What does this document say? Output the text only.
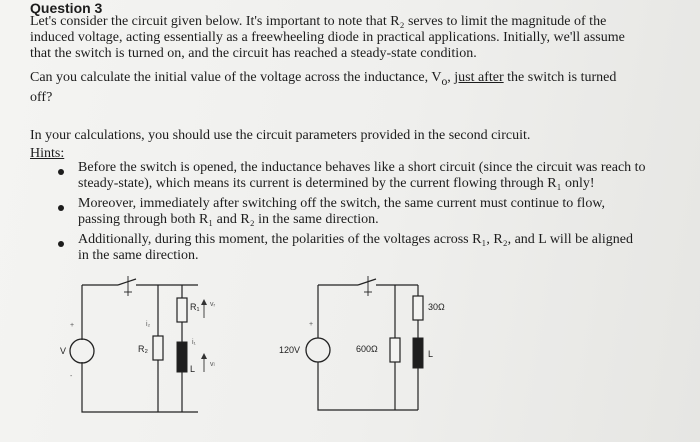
Question 3
Let's consider the circuit given below. It's important to note that R₂ serves to limit the magnitude of the
induced voltage, acting essentially as a freewheeling diode in practical applications. Initially, we'll assume
that the switch is turned on, and the circuit has reached a steady-state condition.
Can you calculate the initial value of the voltage across the inductance, $V_o$, just after the switch is turned
off?
In your calculations, you should use the circuit parameters provided in the second circuit.
Hints:
Before the switch is opened, the inductance behaves like a short circuit (since the circuit was reach to
steady-state), which means its current is determined by the current flowing through R₁ only!
Moreover, immediately after switching off the switch, the same current must continue to flow,
passing through both R₁ and R₂ in the same direction.
Additionally, during this moment, the polarities of the voltages across R₁, R₂, and L will be aligned
in the same direction.
V
+
-
R₂
i₂
R₁
L
i₁
vᵣ
vₗ
120V
+
600Ω
30Ω
L
